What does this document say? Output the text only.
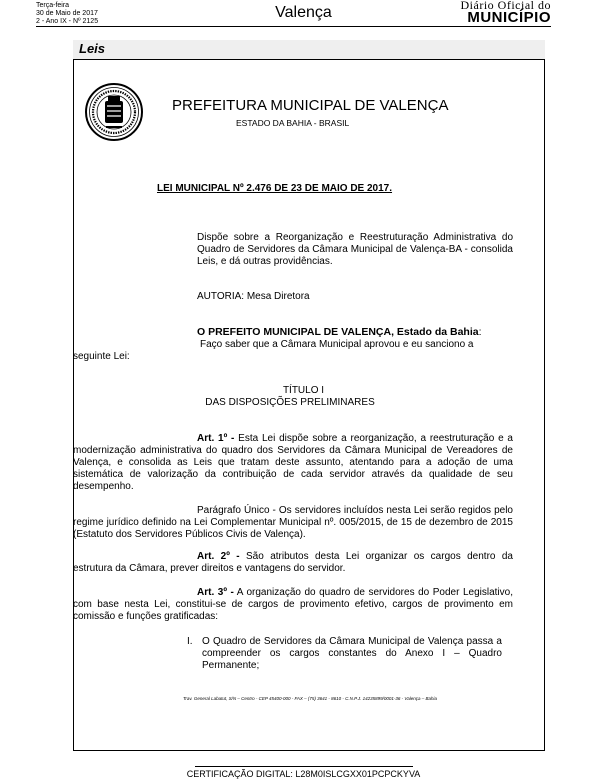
Terça-feira
30 de Maio de 2017
2 - Ano IX - Nº 2125
Valença	Diário Oficial do
MUNICÍPIO
Leis
PREFEITURA MUNICIPAL DE VALENÇA
ESTADO DA BAHIA - BRASIL
LEI MUNICIPAL Nº 2.476 DE 23 DE MAIO DE 2017.
Dispõe sobre a Reorganização e Reestruturação Administrativa do Quadro de Servidores da Câmara Municipal de Valença-BA - consolida Leis, e dá outras providências.
AUTORIA: Mesa Diretora
O PREFEITO MUNICIPAL DE VALENÇA, Estado da Bahia:
Faço saber que a Câmara Municipal aprovou e eu sanciono a
seguinte Lei:
TÍTULO I
DAS DISPOSIÇÕES PRELIMINARES
Art. 1º - Esta Lei dispõe sobre a reorganização, a reestruturação e a modernização administrativa do quadro dos Servidores da Câmara Municipal de Vereadores de Valença, e consolida as Leis que tratam deste assunto, atentando para a adoção de uma sistemática de valorização da contribuição de cada servidor através da qualidade de seu desempenho.
Parágrafo Único - Os servidores incluídos nesta Lei serão regidos pelo regime jurídico definido na Lei Complementar Municipal nº. 005/2015, de 15 de dezembro de 2015 (Estatuto dos Servidores Públicos Civis de Valença).
Art. 2º - São atributos desta Lei organizar os cargos dentro da estrutura da Câmara, prever direitos e vantagens do servidor.
Art. 3º - A organização do quadro de servidores do Poder Legislativo, com base nesta Lei, constitui-se de cargos de provimento efetivo, cargos de provimento em comissão e funções gratificadas:
I. O Quadro de Servidores da Câmara Municipal de Valença passa a compreender os cargos constantes do Anexo I – Quadro Permanente;
Trav. General Labatut, S/N – Centro - CEP 45400-000 - FAX – (75) 3641 - 8610 - C.N.P.J. 14235899/0001-36 - Valença – Bahia
CERTIFICAÇÃO DIGITAL: L28M0ISLCGXX01PCPCKYVA
